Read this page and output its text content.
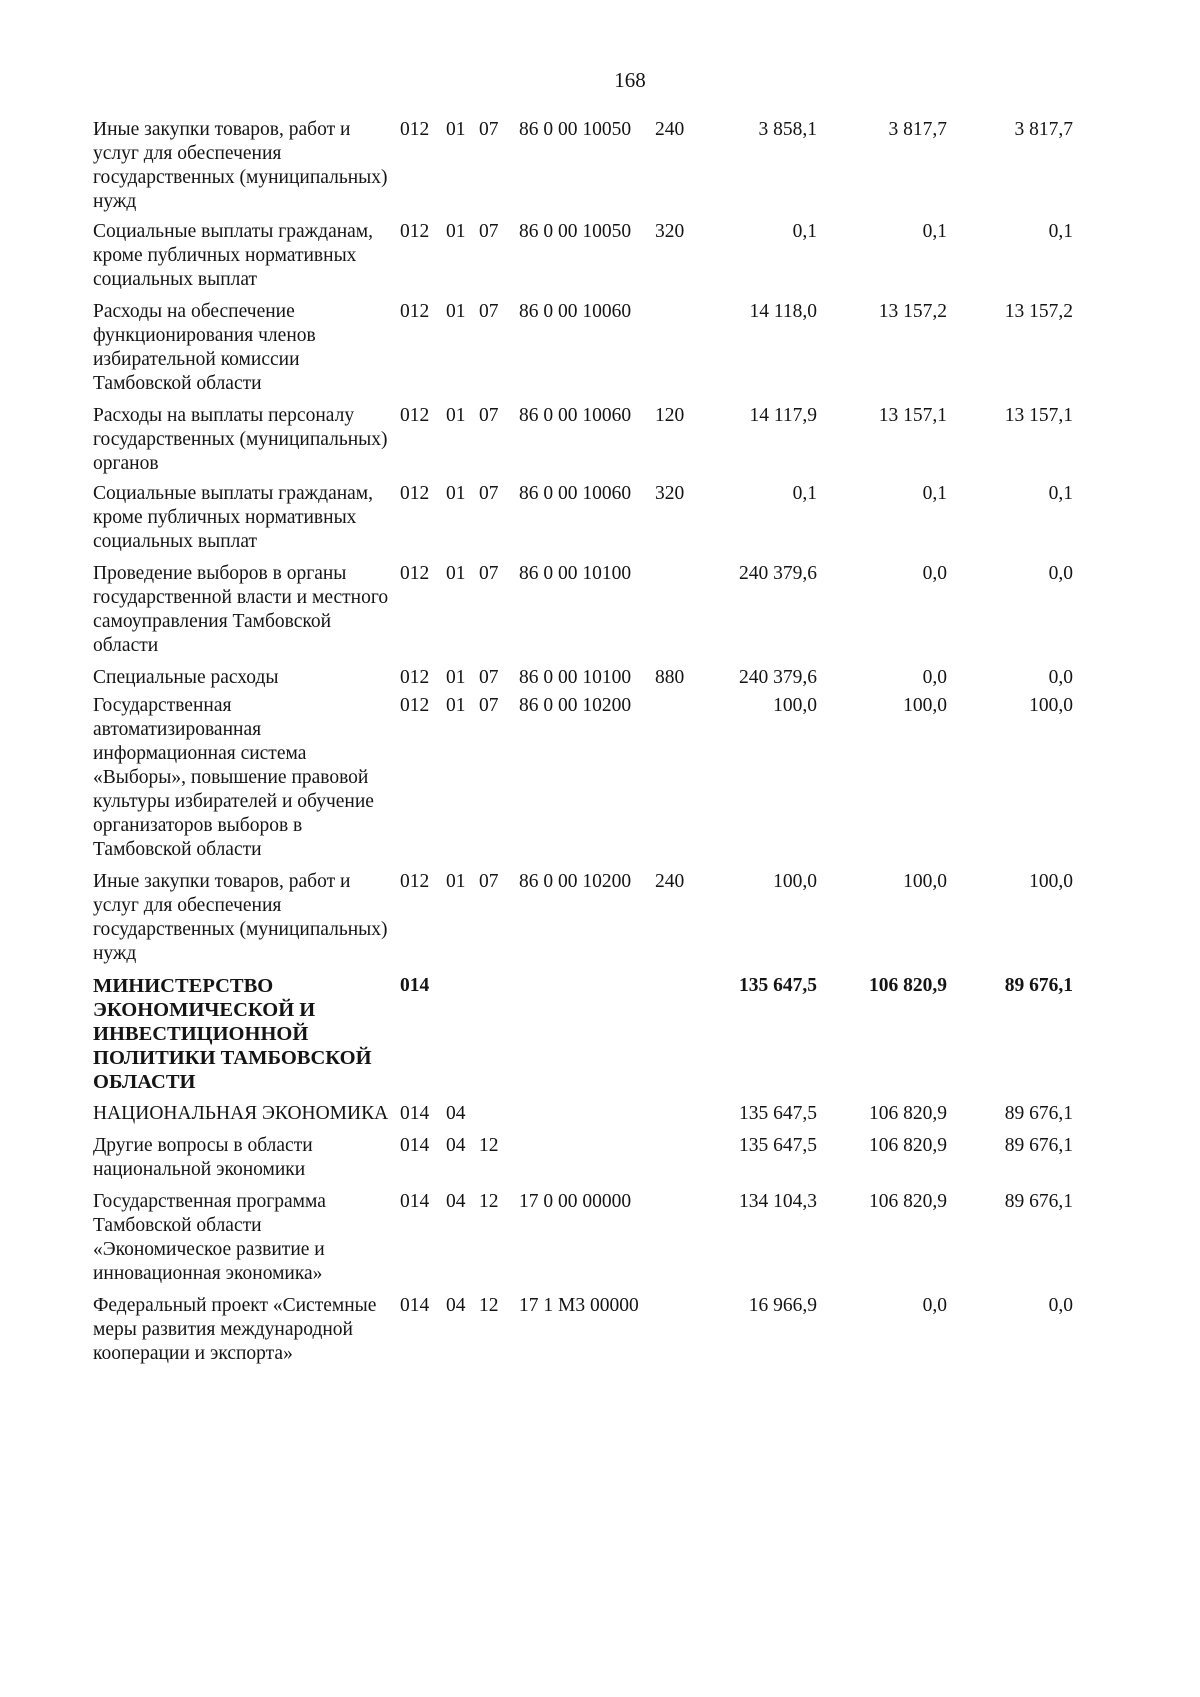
168
Иные закупки товаров, работ и услуг для обеспечения государственных (муниципальных) нужд	012	01	07	86 0 00 10050	240	3 858,1	3 817,7	3 817,7
Социальные выплаты гражданам, кроме публичных нормативных социальных выплат	012	01	07	86 0 00 10050	320	0,1	0,1	0,1
Расходы на обеспечение функционирования членов избирательной комиссии Тамбовской области	012	01	07	86 0 00 10060		14 118,0	13 157,2	13 157,2
Расходы на выплаты персоналу государственных (муниципальных) органов	012	01	07	86 0 00 10060	120	14 117,9	13 157,1	13 157,1
Социальные выплаты гражданам, кроме публичных нормативных социальных выплат	012	01	07	86 0 00 10060	320	0,1	0,1	0,1
Проведение выборов в органы государственной власти и местного самоуправления Тамбовской области	012	01	07	86 0 00 10100		240 379,6	0,0	0,0
Специальные расходы	012	01	07	86 0 00 10100	880	240 379,6	0,0	0,0
Государственная автоматизированная информационная система «Выборы», повышение правовой культуры избирателей и обучение организаторов выборов в Тамбовской области	012	01	07	86 0 00 10200		100,0	100,0	100,0
Иные закупки товаров, работ и услуг для обеспечения государственных (муниципальных) нужд	012	01	07	86 0 00 10200	240	100,0	100,0	100,0
МИНИСТЕРСТВО ЭКОНОМИЧЕСКОЙ И ИНВЕСТИЦИОННОЙ ПОЛИТИКИ ТАМБОВСКОЙ ОБЛАСТИ	014					135 647,5	106 820,9	89 676,1
НАЦИОНАЛЬНАЯ ЭКОНОМИКА	014	04				135 647,5	106 820,9	89 676,1
Другие вопросы в области национальной экономики	014	04	12			135 647,5	106 820,9	89 676,1
Государственная программа Тамбовской области «Экономическое развитие и инновационная экономика»	014	04	12	17 0 00 00000		134 104,3	106 820,9	89 676,1
Федеральный проект «Системные меры развития международной кооперации и экспорта»	014	04	12	17 1 M3 00000		16 966,9	0,0	0,0
